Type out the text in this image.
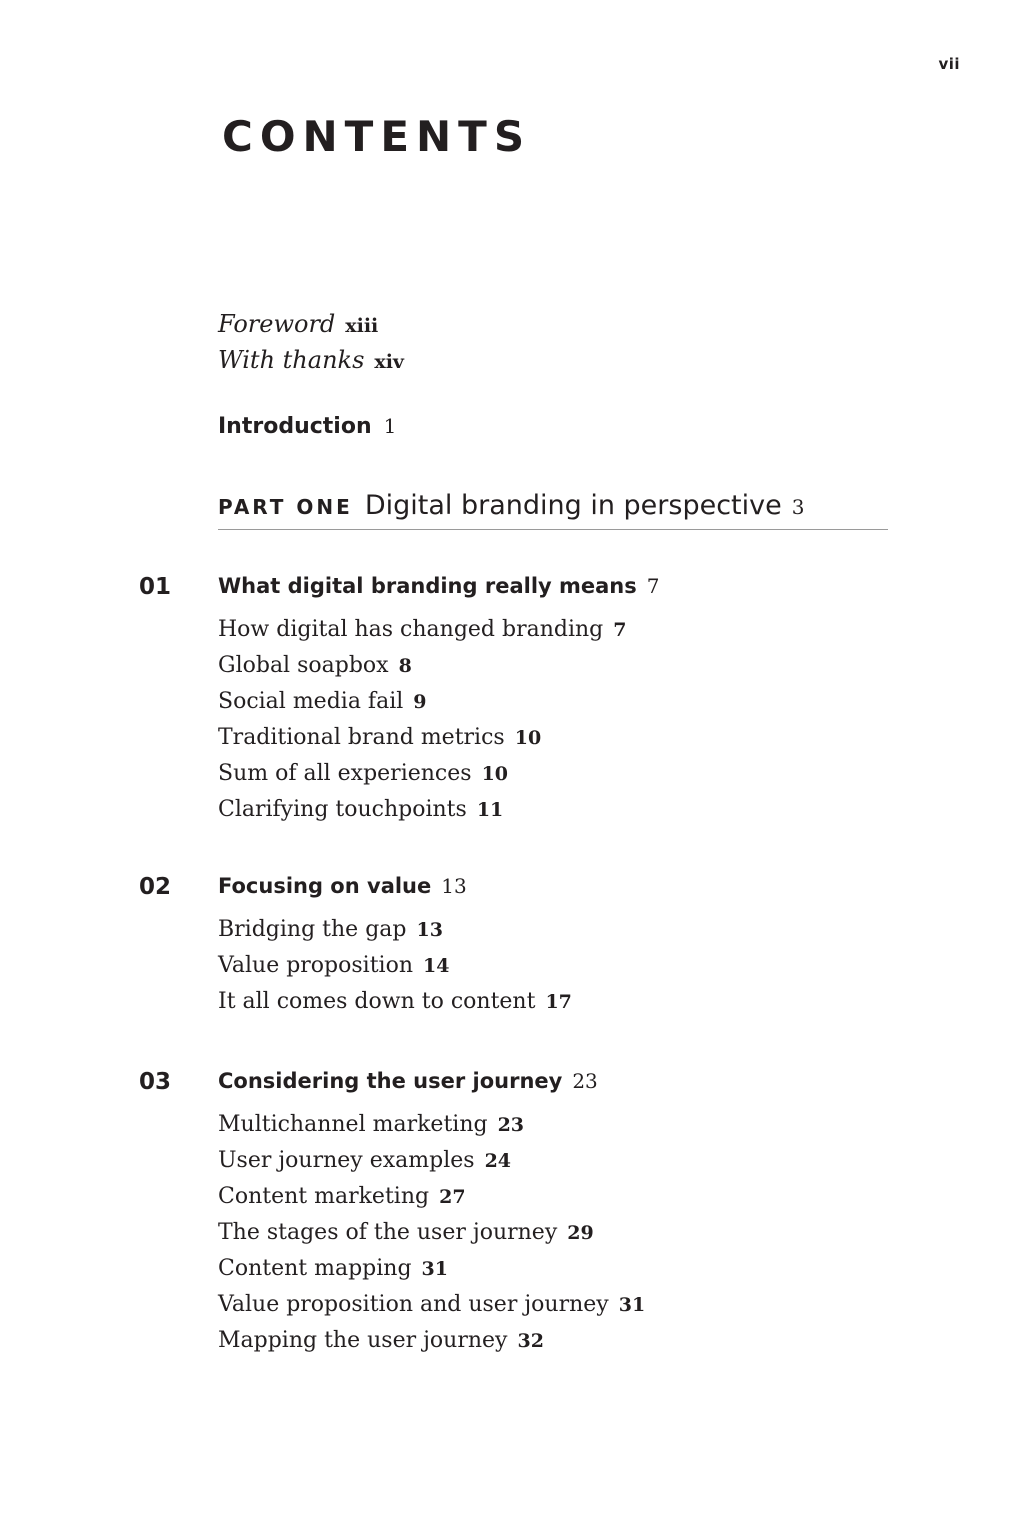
vii
CONTENTS
Foreword xiii
With thanks xiv
Introduction 1
PART ONE Digital branding in perspective 3
01 What digital branding really means 7
How digital has changed branding 7
Global soapbox 8
Social media fail 9
Traditional brand metrics 10
Sum of all experiences 10
Clarifying touchpoints 11
02 Focusing on value 13
Bridging the gap 13
Value proposition 14
It all comes down to content 17
03 Considering the user journey 23
Multichannel marketing 23
User journey examples 24
Content marketing 27
The stages of the user journey 29
Content mapping 31
Value proposition and user journey 31
Mapping the user journey 32
